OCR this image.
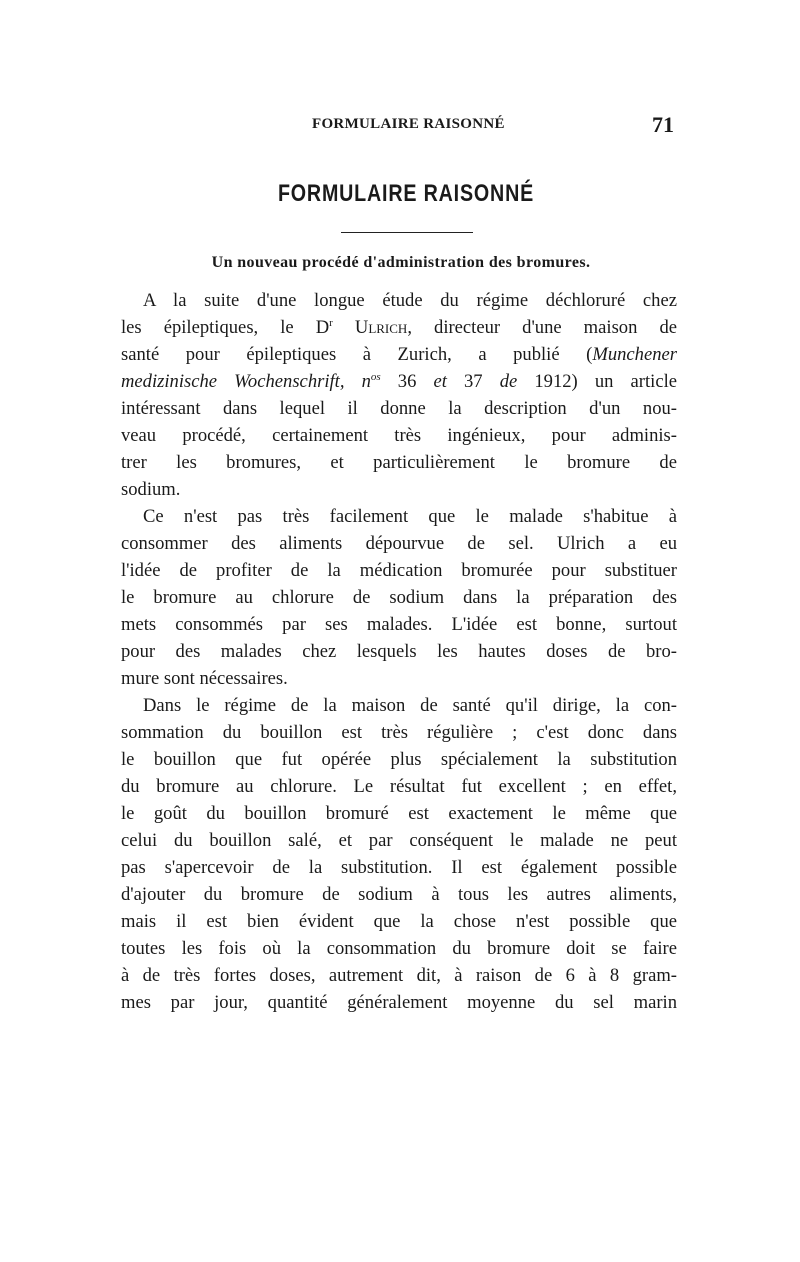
FORMULAIRE RAISONNÉ	71
FORMULAIRE RAISONNÉ
Un nouveau procédé d'administration des bromures.
A la suite d'une longue étude du régime déchloruré chez
les épileptiques, le $D^r$ Ulrich, directeur d'une maison de
santé pour épileptiques à Zurich, a publié (Munchener
medizinische Wochenschrift, $n^{os}$ 36 et 37 de 1912) un article
intéressant dans lequel il donne la description d'un nou-
veau procédé, certainement très ingénieux, pour adminis-
trer les bromures, et particulièrement le bromure de
sodium.
Ce n'est pas très facilement que le malade s'habitue à
consommer des aliments dépourvue de sel. Ulrich a eu
l'idée de profiter de la médication bromurée pour substituer
le bromure au chlorure de sodium dans la préparation des
mets consommés par ses malades. L'idée est bonne, surtout
pour des malades chez lesquels les hautes doses de bro-
mure sont nécessaires.
Dans le régime de la maison de santé qu'il dirige, la con-
sommation du bouillon est très régulière ; c'est donc dans
le bouillon que fut opérée plus spécialement la substitution
du bromure au chlorure. Le résultat fut excellent ; en effet,
le goût du bouillon bromuré est exactement le même que
celui du bouillon salé, et par conséquent le malade ne peut
pas s'apercevoir de la substitution. Il est également possible
d'ajouter du bromure de sodium à tous les autres aliments,
mais il est bien évident que la chose n'est possible que
toutes les fois où la consommation du bromure doit se faire
à de très fortes doses, autrement dit, à raison de 6 à 8 gram-
mes par jour, quantité généralement moyenne du sel marin
